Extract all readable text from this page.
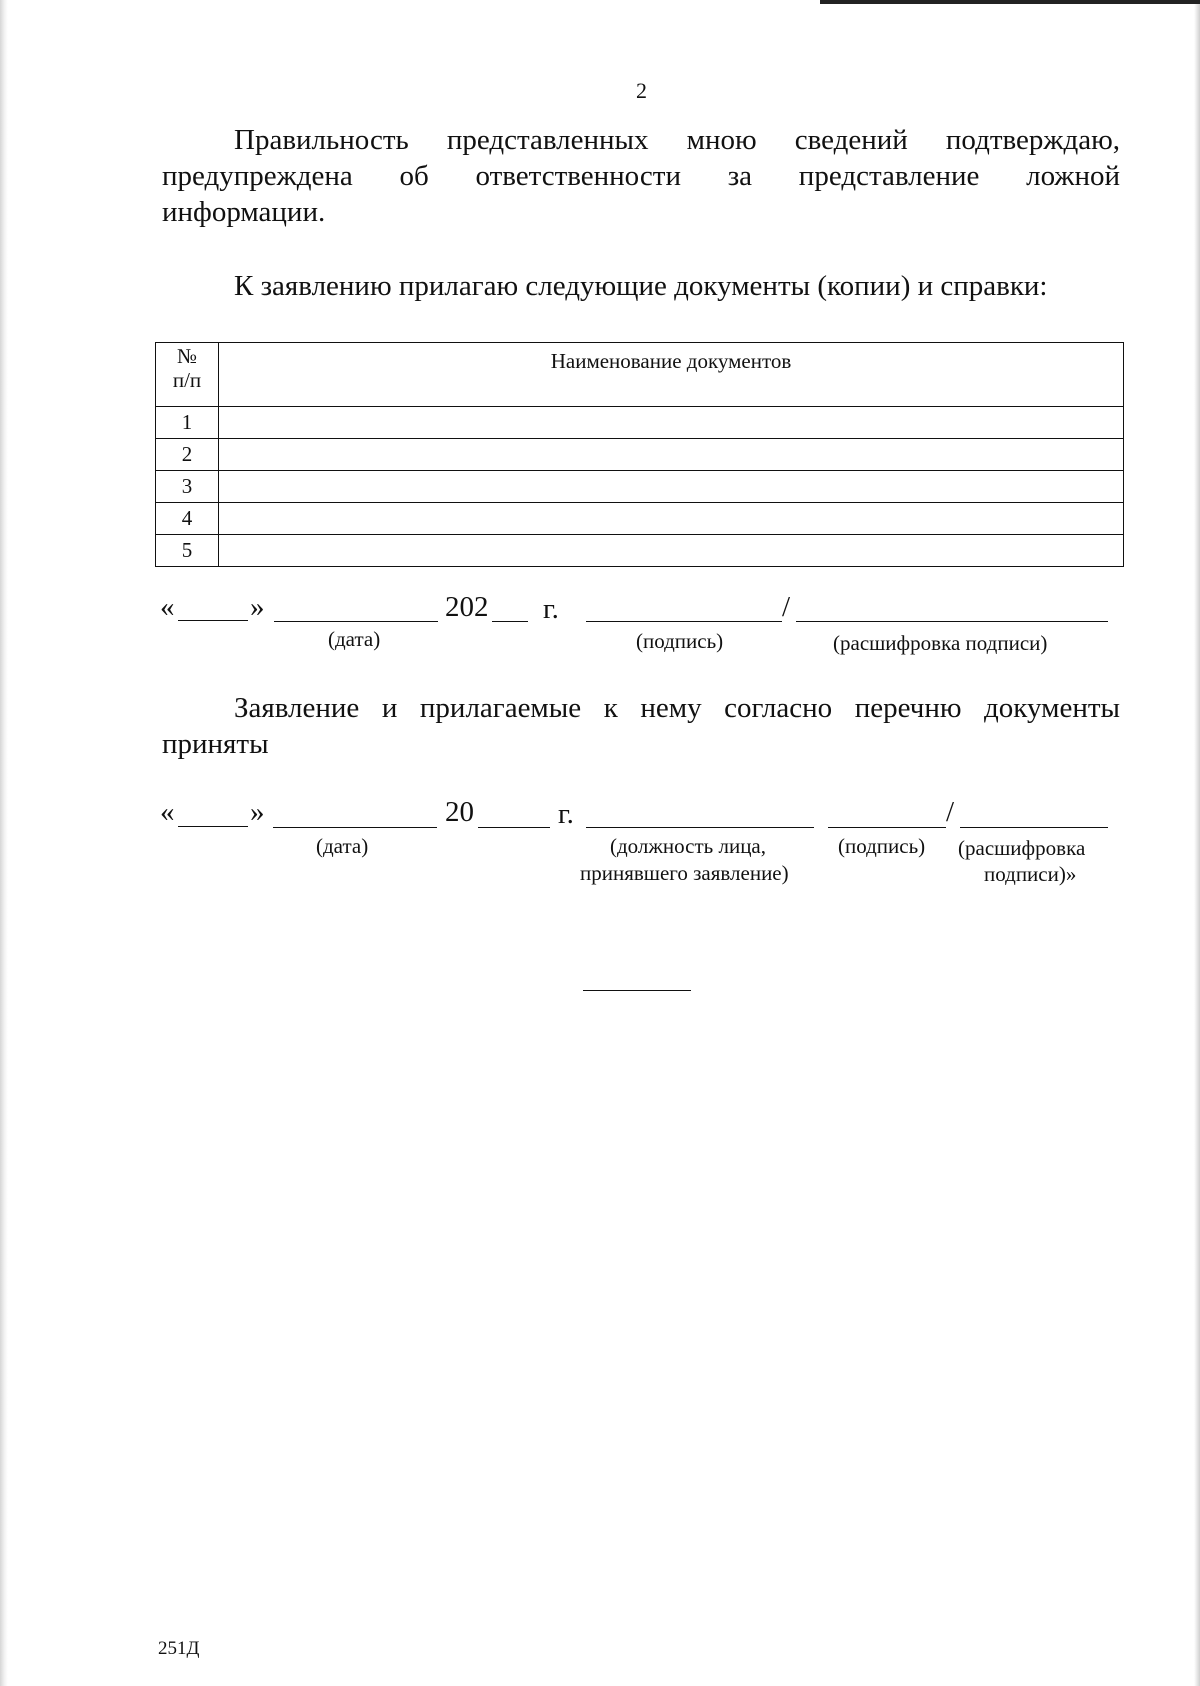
2
Правильность представленных мною сведений подтверждаю,
предупреждена об ответственности за представление ложной
информации.
К заявлению прилагаю следующие документы (копии) и справки:
№
п/п	Наименование документов
1	
2	
3	
4	
5	
«	»	202 г.	/
(дата)	(подпись)	(расшифровка подписи)
Заявление и прилагаемые к нему согласно перечню документы
приняты
«	»	20	г.	/
(дата)	(должность лица,
принявшего заявление)
(подпись) (расшифровка
подписи)»
251Д
